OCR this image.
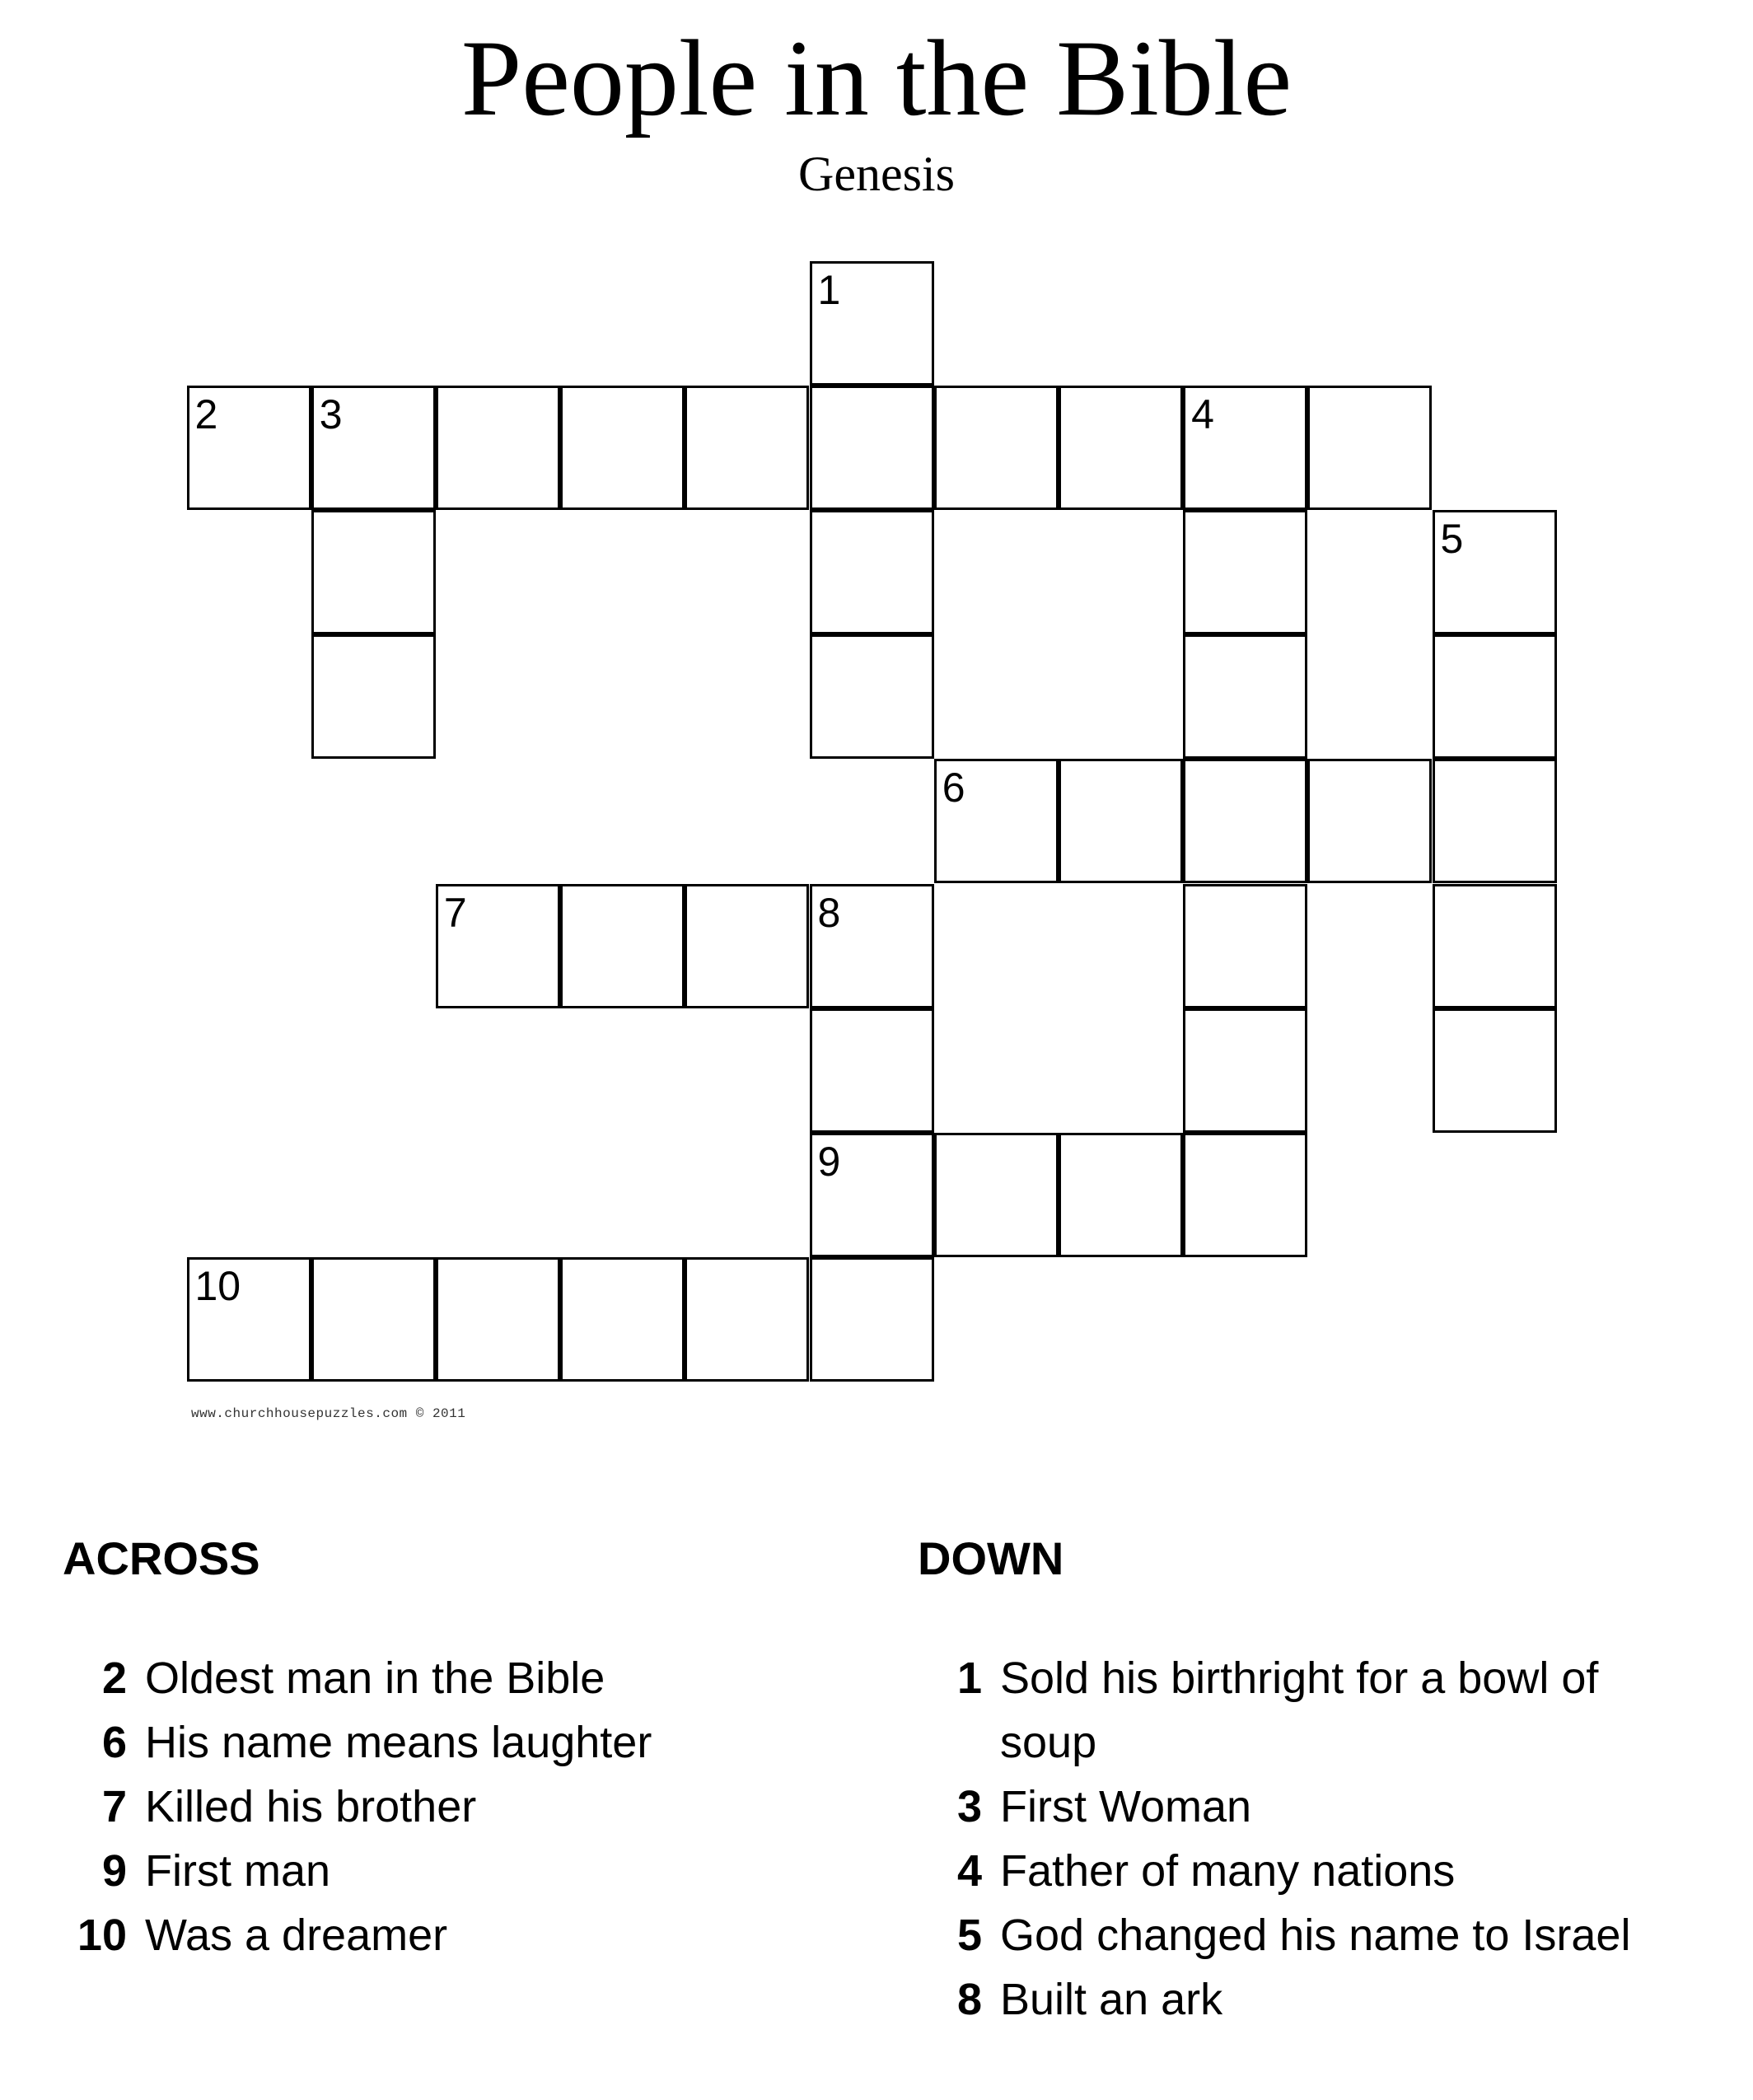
People in the Bible
Genesis
1
2 3	4
5
6
7	8
9
10
www.churchhousepuzzles.com © 2011
ACROSS
2 Oldest man in the Bible
6 His name means laughter
7 Killed his brother
9 First man
10 Was a dreamer
DOWN
1 Sold his birthright for a bowl of soup
3 First Woman
4 Father of many nations
5 God changed his name to Israel
8 Built an ark
